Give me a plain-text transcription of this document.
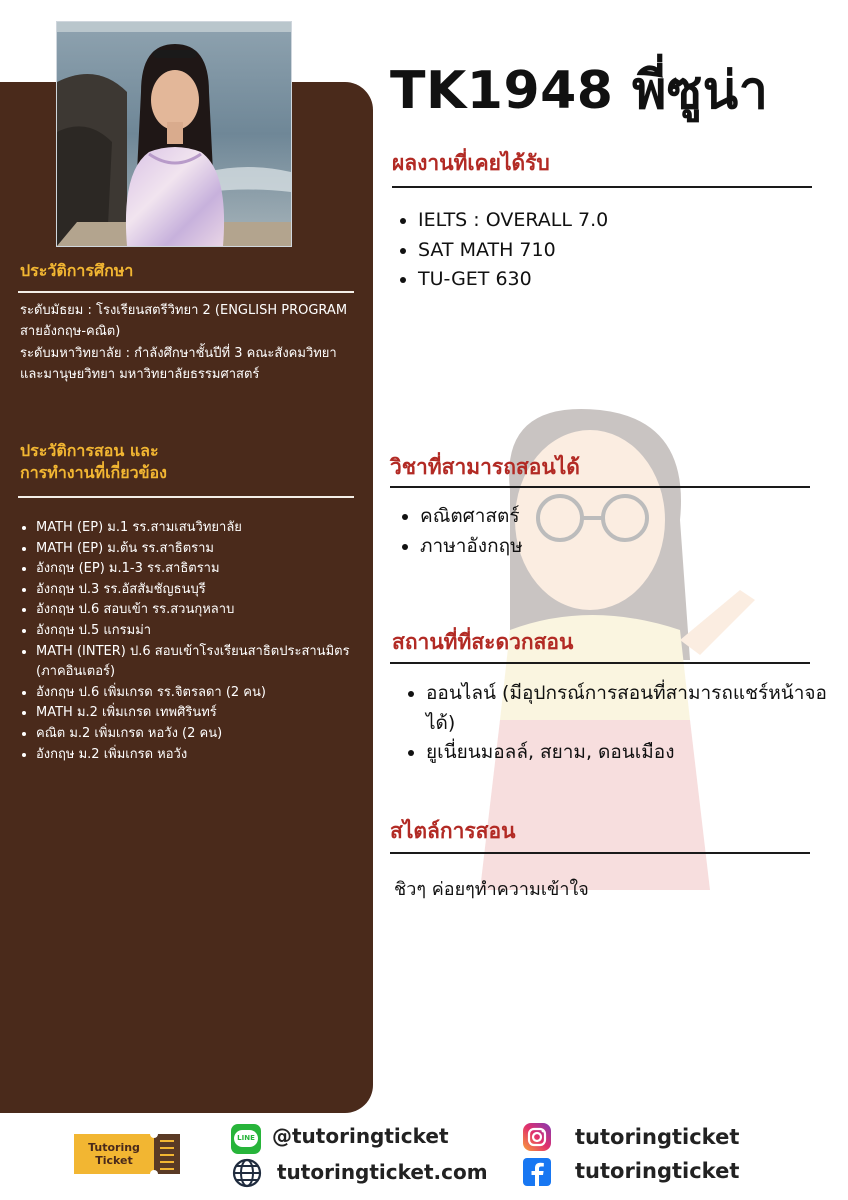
ประวัติการศึกษา
ระดับมัธยม : โรงเรียนสตรีวิทยา 2 (ENGLISH PROGRAM สายอังกฤษ-คณิต)
ระดับมหาวิทยาลัย : กำลังศึกษาชั้นปีที่ 3 คณะสังคมวิทยาและมานุษยวิทยา มหาวิทยาลัยธรรมศาสตร์
ประวัติการสอน และ
การทำงานที่เกี่ยวข้อง
• MATH (EP) ม.1 รร.สามเสนวิทยาลัย
• MATH (EP) ม.ต้น รร.สาธิตราม
• อังกฤษ (EP) ม.1-3 รร.สาธิตราม
• อังกฤษ ป.3 รร.อัสสัมชัญธนบุรี
• อังกฤษ ป.6 สอบเข้า รร.สวนกุหลาบ
• อังกฤษ ป.5 แกรมม่า
• MATH (INTER) ป.6 สอบเข้าโรงเรียนสาธิตประสานมิตร (ภาคอินเตอร์)
• อังกฤษ ป.6 เพิ่มเกรด รร.จิตรลดา (2 คน)
• MATH ม.2 เพิ่มเกรด เทพศิรินทร์
• คณิต ม.2 เพิ่มเกรด หอวัง (2 คน)
• อังกฤษ ม.2 เพิ่มเกรด หอวัง
TK1948 พี่ซูน่า
ผลงานที่เคยได้รับ
• IELTS : OVERALL 7.0
• SAT MATH 710
• TU-GET 630
วิชาที่สามารถสอนได้
• คณิตศาสตร์
• ภาษาอังกฤษ
สถานที่ที่สะดวกสอน
• ออนไลน์ (มีอุปกรณ์การสอนที่สามารถแชร์หน้าจอได้)
• ยูเนี่ยนมอลล์, สยาม, ดอนเมือง
สไตล์การสอน

ชิวๆ ค่อยๆทำความเข้าใจ

Tutoring
Ticket
LINE @tutoringticket

tutoringticket.com

tutoringticket

tutoringticket
